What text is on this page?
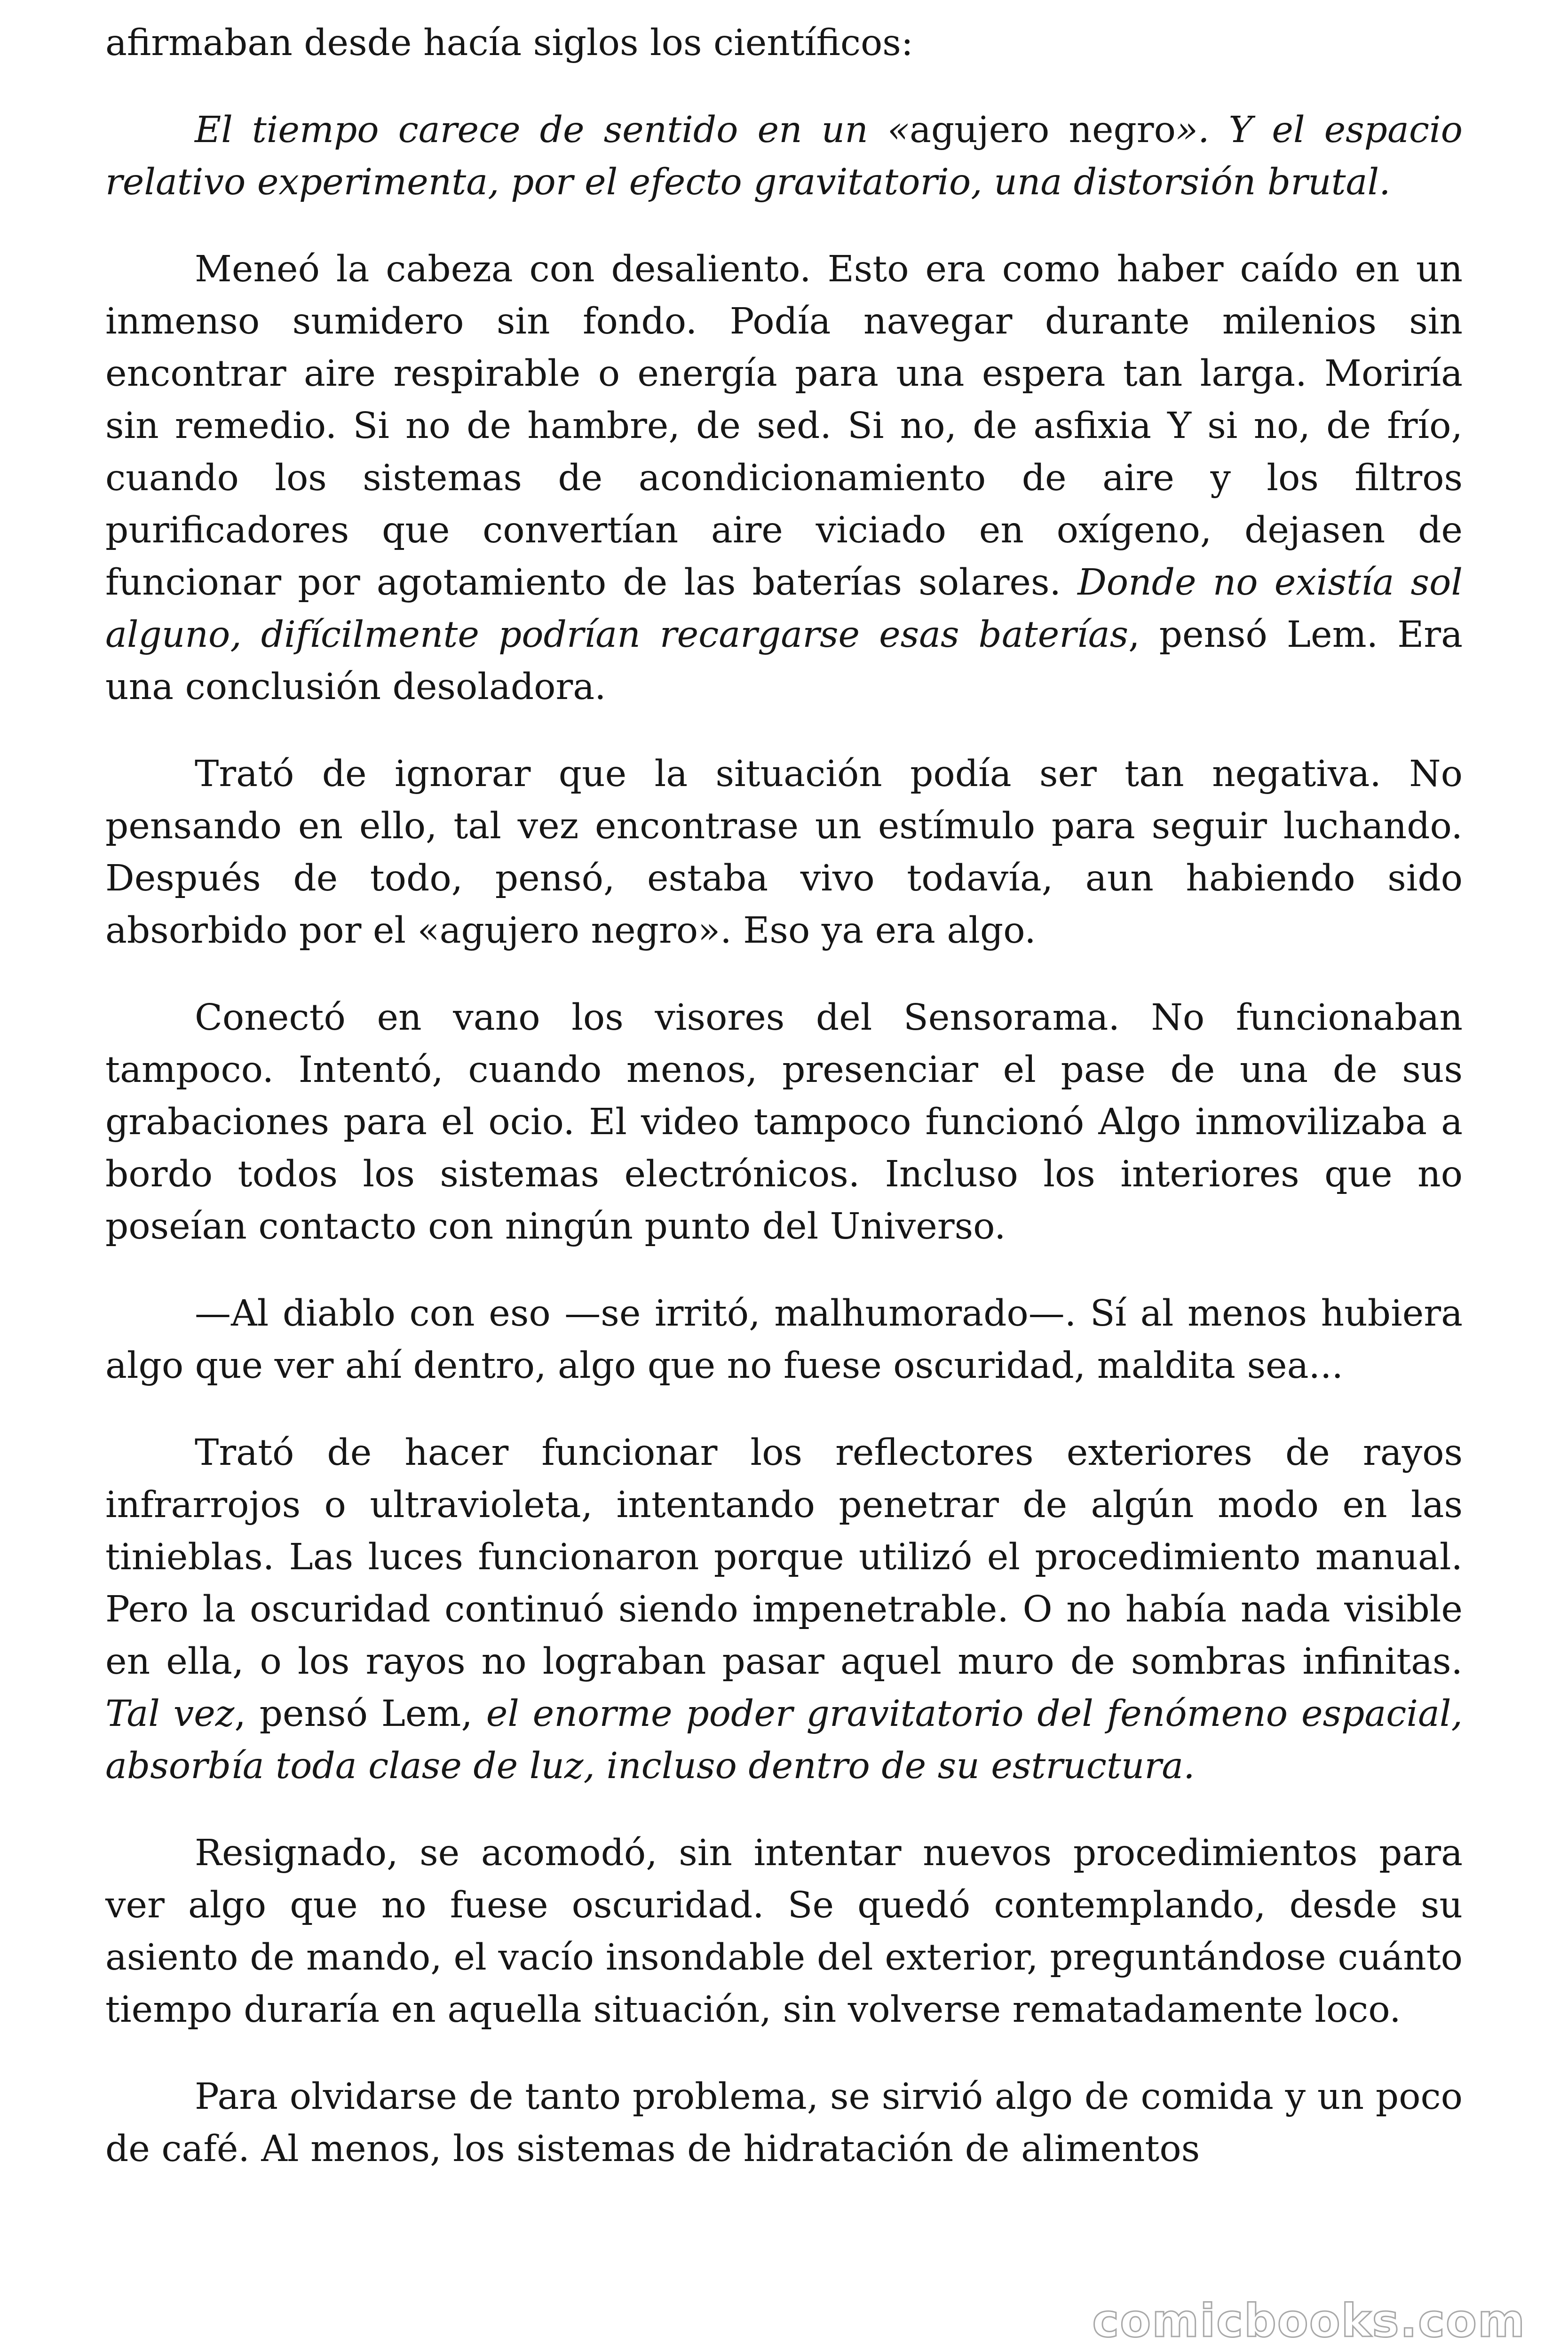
afirmaban desde hacía siglos los científicos:

El tiempo carece de sentido en un «agujero negro». Y el espacio relativo experimenta, por el efecto gravitatorio, una distorsión brutal.

Meneó la cabeza con desaliento. Esto era como haber caído en un inmenso sumidero sin fondo. Podía navegar durante milenios sin encontrar aire respirable o energía para una espera tan larga. Moriría sin remedio. Si no de hambre, de sed. Si no, de asfixia Y si no, de frío, cuando los sistemas de acondicionamiento de aire y los filtros purificadores que convertían aire viciado en oxígeno, dejasen de funcionar por agotamiento de las baterías solares. Donde no existía sol alguno, difícilmente podrían recargarse esas baterías, pensó Lem. Era una conclusión desoladora.

Trató de ignorar que la situación podía ser tan negativa. No pensando en ello, tal vez encontrase un estímulo para seguir luchando. Después de todo, pensó, estaba vivo todavía, aun habiendo sido absorbido por el «agujero negro». Eso ya era algo.

Conectó en vano los visores del Sensorama. No funcionaban tampoco. Intentó, cuando menos, presenciar el pase de una de sus grabaciones para el ocio. El video tampoco funcionó Algo inmovilizaba a bordo todos los sistemas electrónicos. Incluso los interiores que no poseían contacto con ningún punto del Universo.

—Al diablo con eso —se irritó, malhumorado—. Sí al menos hubiera algo que ver ahí dentro, algo que no fuese oscuridad, maldita sea...

Trató de hacer funcionar los reflectores exteriores de rayos infrarrojos o ultravioleta, intentando penetrar de algún modo en las tinieblas. Las luces funcionaron porque utilizó el procedimiento manual. Pero la oscuridad continuó siendo impenetrable. O no había nada visible en ella, o los rayos no lograban pasar aquel muro de sombras infinitas. Tal vez, pensó Lem, el enorme poder gravitatorio del fenómeno espacial, absorbía toda clase de luz, incluso dentro de su estructura.

Resignado, se acomodó, sin intentar nuevos procedimientos para ver algo que no fuese oscuridad. Se quedó contemplando, desde su asiento de mando, el vacío insondable del exterior, preguntándose cuánto tiempo duraría en aquella situación, sin volverse rematadamente loco.

Para olvidarse de tanto problema, se sirvió algo de comida y un poco de café. Al menos, los sistemas de hidratación de alimentos

comicbooks.com
